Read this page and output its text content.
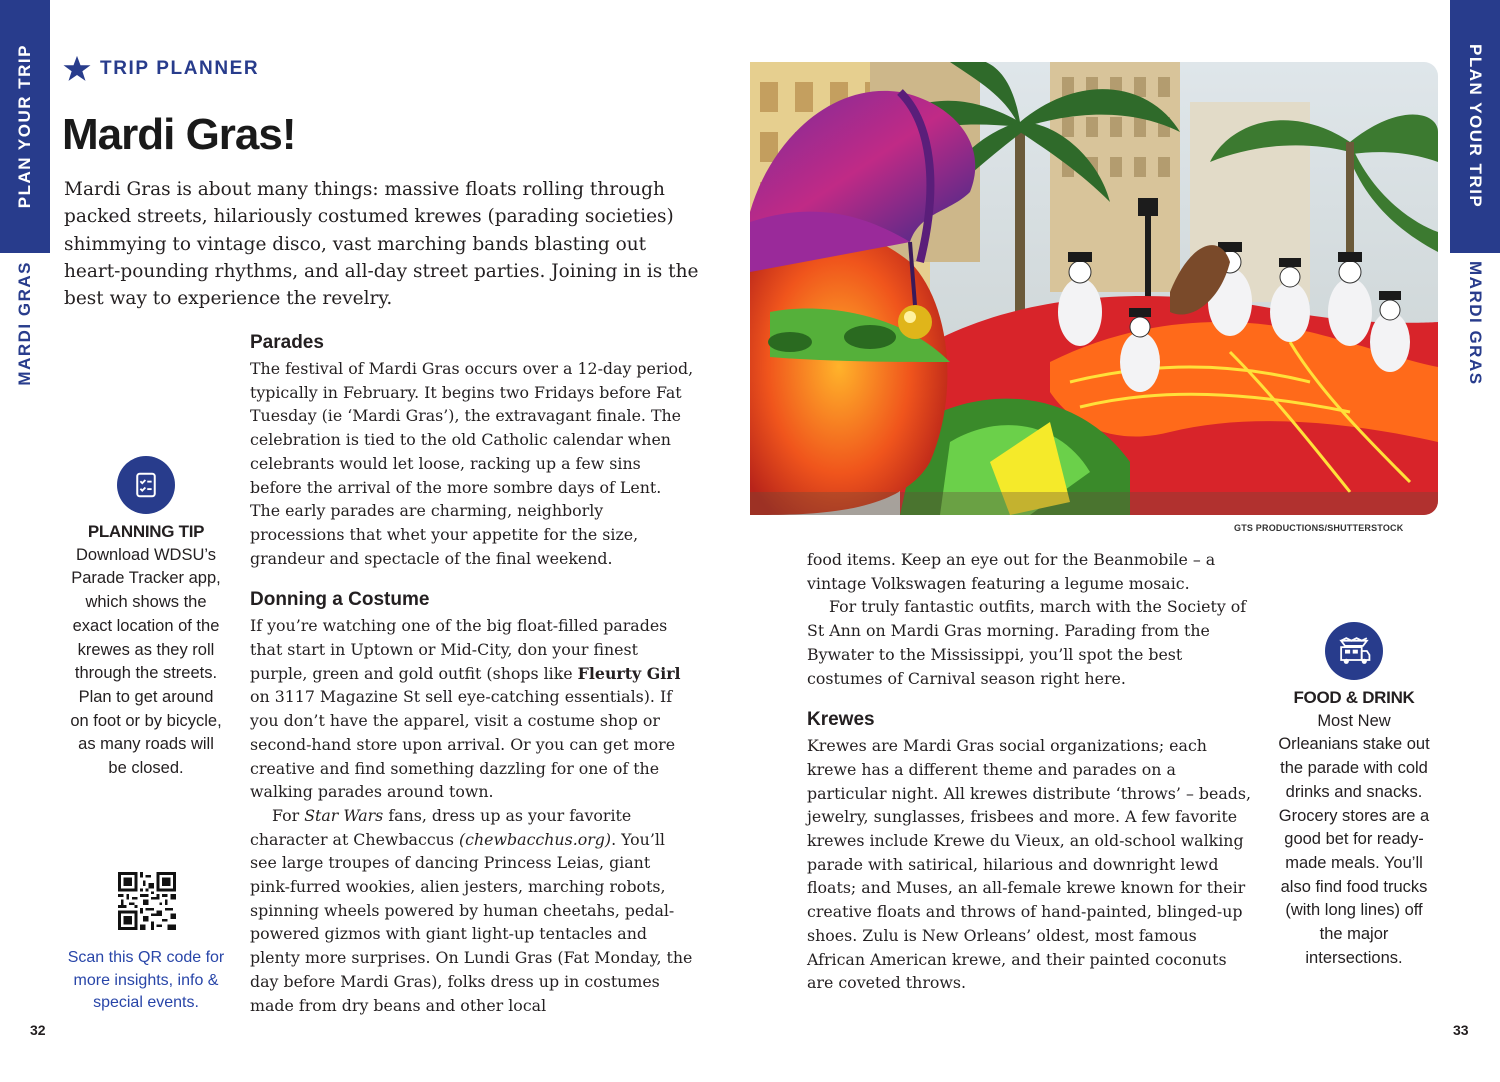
PLAN YOUR TRIP
MARDI GRAS
PLAN YOUR TRIP
MARDI GRAS
TRIP PLANNER
Mardi Gras!

Mardi Gras is about many things: massive floats rolling through packed streets, hilariously costumed krewes (parading societies) shimmying to vintage disco, vast marching bands blasting out heart-pounding rhythms, and all-day street parties. Joining in is the best way to experience the revelry.

Parades

The festival of Mardi Gras occurs over a 12-day period, typically in February. It begins two Fridays before Fat Tuesday (ie ‘Mardi Gras’), the extravagant finale. The celebration is tied to the old Catholic calendar when celebrants would let loose, racking up a few sins before the arrival of the more sombre days of Lent. The early parades are charming, neighborly processions that whet your appetite for the size, grandeur and spectacle of the final weekend.

Donning a Costume

If you’re watching one of the big float-filled parades that start in Uptown or Mid-City, don your finest purple, green and gold outfit (shops like Fleurty Girl on 3117 Magazine St sell eye-catching essentials). If you don’t have the apparel, visit a costume shop or second-hand store upon arrival. Or you can get more creative and find something dazzling for one of the walking parades around town.

For Star Wars fans, dress up as your favorite character at Chewbaccus (chewbacchus.org). You’ll see large troupes of dancing Princess Leias, giant pink-furred wookies, alien jesters, marching robots, spinning wheels powered by human cheetahs, pedal-powered gizmos with giant light-up tentacles and plenty more surprises. On Lundi Gras (Fat Monday, the day before Mardi Gras), folks dress up in costumes made from dry beans and other local

food items. Keep an eye out for the Beanmobile – a vintage Volkswagen featuring a legume mosaic.

For truly fantastic outfits, march with the Society of St Ann on Mardi Gras morning. Parading from the Bywater to the Mississippi, you’ll spot the best costumes of Carnival season right here.

Krewes

Krewes are Mardi Gras social organizations; each krewe has a different theme and parades on a particular night. All krewes distribute ‘throws’ – beads, jewelry, sunglasses, frisbees and more. A few favorite krewes include Krewe du Vieux, an old-school walking parade with satirical, hilarious and downright lewd floats; and Muses, an all-female krewe known for their creative floats and throws of hand-painted, blinged-up shoes. Zulu is New Orleans’ oldest, most famous African American krewe, and their painted coconuts are coveted throws.

PLANNING TIP
Download WDSU’s Parade Tracker app, which shows the exact location of the krewes as they roll through the streets. Plan to get around on foot or by bicycle, as many roads will be closed.
Scan this QR code for more insights, info & special events.
GTS PRODUCTIONS/SHUTTERSTOCK
FOOD & DRINK
Most New Orleanians stake out the parade with cold drinks and snacks. Grocery stores are a good bet for ready-made meals. You’ll also find food trucks (with long lines) off the major intersections.
32	33
